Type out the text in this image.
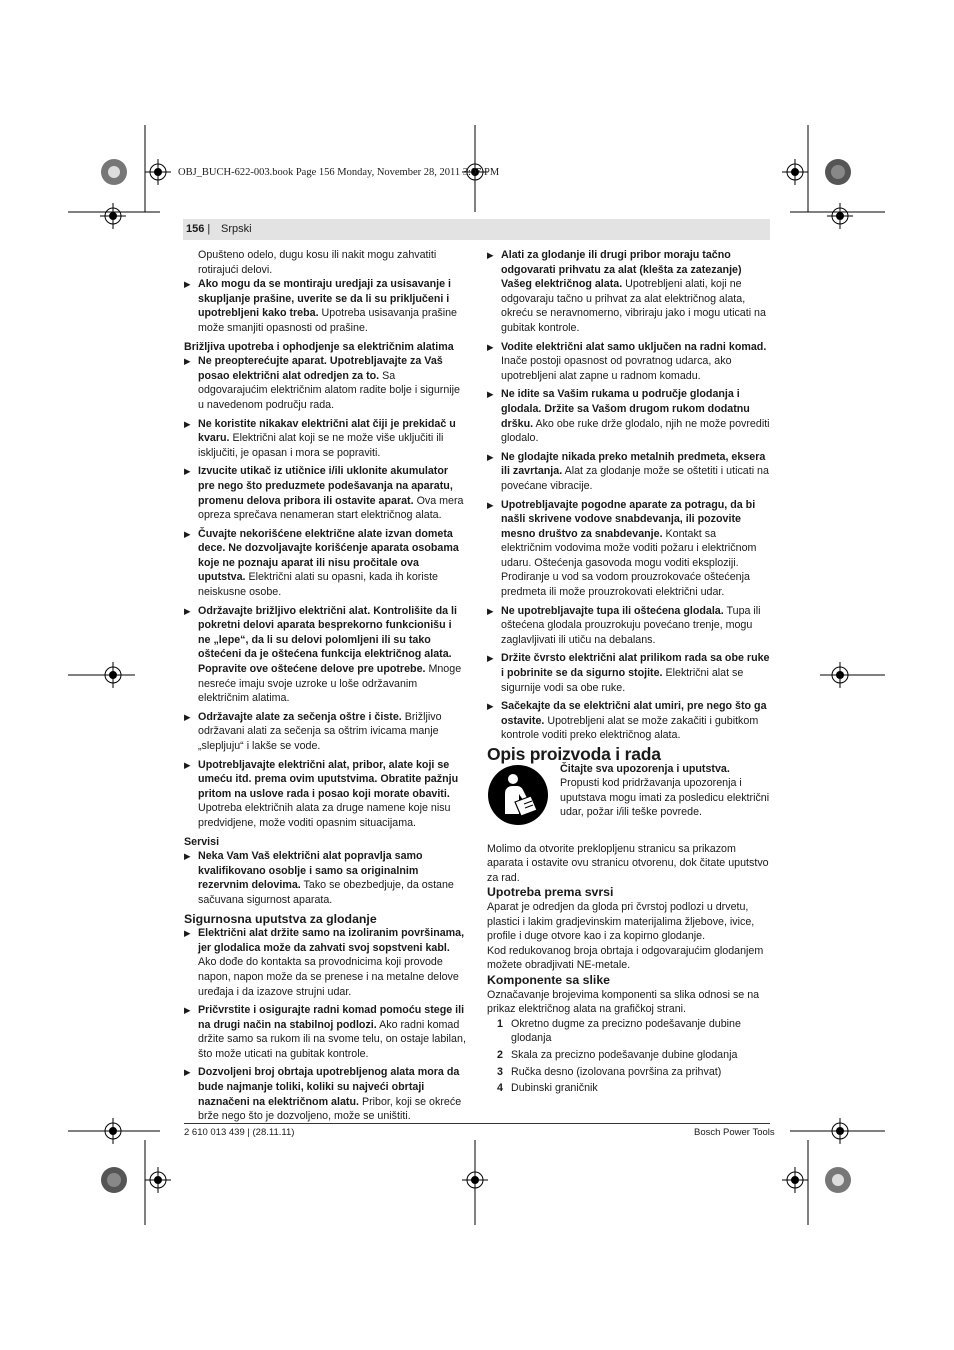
OBJ_BUCH-622-003.book Page 156 Monday, November 28, 2011 3:07 PM
156 | Srpski

Opušteno odelo, dugu kosu ili nakit mogu zahvatiti rotirajući delovi.

▶ Ako mogu da se montiraju uredjaji za usisavanje i skupljanje prašine, uverite se da li su priključeni i upotrebljeni kako treba. Upotreba usisavanja prašine može smanjiti opasnosti od prašine.

Brižljiva upotreba i ophodjenje sa električnim alatima

▶ Ne preopterećujte aparat. Upotrebljavajte za Vaš posao električni alat odredjen za to. Sa odgovarajućim električnim alatom radite bolje i sigurnije u navedenom području rada.
▶ Ne koristite nikakav električni alat čiji je prekidač u kvaru. Električni alat koji se ne može više uključiti ili isključiti, je opasan i mora se popraviti.
▶ Izvucite utikač iz utičnice i/ili uklonite akumulator pre nego što preduzmete podešavanja na aparatu, promenu delova pribora ili ostavite aparat. Ova mera opreza sprečava nenameran start električnog alata.
▶ Čuvajte nekorišćene električne alate izvan dometa dece. Ne dozvoljavajte korišćenje aparata osobama koje ne poznaju aparat ili nisu pročitale ova uputstva. Električni alati su opasni, kada ih koriste neiskusne osobe.
▶ Održavajte brižljivo električni alat. Kontrolišite da li pokretni delovi aparata besprekorno funkcionišu i ne „lepe“, da li su delovi polomljeni ili su tako oštećeni da je oštećena funkcija električnog alata. Popravite ove oštećene delove pre upotrebe. Mnoge nesreće imaju svoje uzroke u loše održavanim električnim alatima.
▶ Održavajte alate za sečenja oštre i čiste. Brižljivo održavani alati za sečenja sa oštrim ivicama manje „slepljuju“ i lakše se vode.
▶ Upotrebljavajte električni alat, pribor, alate koji se umeću itd. prema ovim uputstvima. Obratite pažnju pritom na uslove rada i posao koji morate obaviti. Upotreba električnih alata za druge namene koje nisu predvidjene, može voditi opasnim situacijama.

Servisi

▶ Neka Vam Vaš električni alat popravlja samo kvalifikovano osoblje i samo sa originalnim rezervnim delovima. Tako se obezbedjuje, da ostane sačuvana sigurnost aparata.

Sigurnosna uputstva za glodanje

▶ Električni alat držite samo na izoliranim površinama, jer glodalica može da zahvati svoj sopstveni kabl. Ako dođe do kontakta sa provodnicima koji provode napon, napon može da se prenese i na metalne delove uređaja i da izazove strujni udar.
▶ Pričvrstite i osigurajte radni komad pomoću stege ili na drugi način na stabilnoj podlozi. Ako radni komad držite samo sa rukom ili na svome telu, on ostaje labilan, što može uticati na gubitak kontrole.
▶ Dozvoljeni broj obrtaja upotrebljenog alata mora da bude najmanje toliki, koliki su najveći obrtaji naznačeni na električnom alatu. Pribor, koji se okreće brže nego što je dozvoljeno, može se uništiti.
▶ Alati za glodanje ili drugi pribor moraju tačno odgovarati prihvatu za alat (klešta za zatezanje) Vašeg električnog alata. Upotrebljeni alati, koji ne odgovaraju tačno u prihvat za alat električnog alata, okreću se neravnomerno, vibriraju jako i mogu uticati na gubitak kontrole.
▶ Vodite električni alat samo uključen na radni komad. Inače postoji opasnost od povratnog udarca, ako upotrebljeni alat zapne u radnom komadu.
▶ Ne idite sa Vašim rukama u područje glodanja i glodala. Držite sa Vašom drugom rukom dodatnu dršku. Ako obe ruke drže glodalo, njih ne može povrediti glodalo.
▶ Ne glodajte nikada preko metalnih predmeta, eksera ili zavrtanja. Alat za glodanje može se oštetiti i uticati na povećane vibracije.
▶ Upotrebljavajte pogodne aparate za potragu, da bi našli skrivene vodove snabdevanja, ili pozovite mesno društvo za snabdevanje. Kontakt sa električnim vodovima može voditi požaru i električnom udaru. Oštećenja gasovoda mogu voditi eksploziji. Prodiranje u vod sa vodom prouzrokovaće oštećenja predmeta ili može prouzrokovati električni udar.
▶ Ne upotrebljavajte tupa ili oštećena glodala. Tupa ili oštećena glodala prouzrokuju povećano trenje, mogu zaglavljivati ili utiču na debalans.
▶ Držite čvrsto električni alat prilikom rada sa obe ruke i pobrinite se da sigurno stojite. Električni alat se sigurnije vodi sa obe ruke.
▶ Sačekajte da se električni alat umiri, pre nego što ga ostavite. Upotrebljeni alat se može zakačiti i gubitkom kontrole voditi preko električnog alata.

Opis proizvoda i rada

Čitajte sva upozorenja i uputstva. Propusti kod pridržavanja upozorenja i uputstava mogu imati za posledicu električni udar, požar i/ili teške povrede.

Molimo da otvorite preklopljenu stranicu sa prikazom aparata i ostavite ovu stranicu otvorenu, dok čitate uputstvo za rad.

Upotreba prema svrsi

Aparat je odredjen da gloda pri čvrstoj podlozi u drvetu, plastici i lakim gradjevinskim materijalima žljebove, ivice, profile i duge otvore kao i za kopirno glodanje.

Kod redukovanog broja obrtaja i odgovarajućim glodanjem možete obradjivati NE-metale.

Komponente sa slike

Označavanje brojevima komponenti sa slika odnosi se na prikaz električnog alata na grafičkoj strani.

1 Okretno dugme za precizno podešavanje dubine glodanja
2 Skala za precizno podešavanje dubine glodanja
3 Ručka desno (izolovana površina za prihvat)
4 Dubinski graničnik
2 610 013 439 | (28.11.11)	Bosch Power Tools
